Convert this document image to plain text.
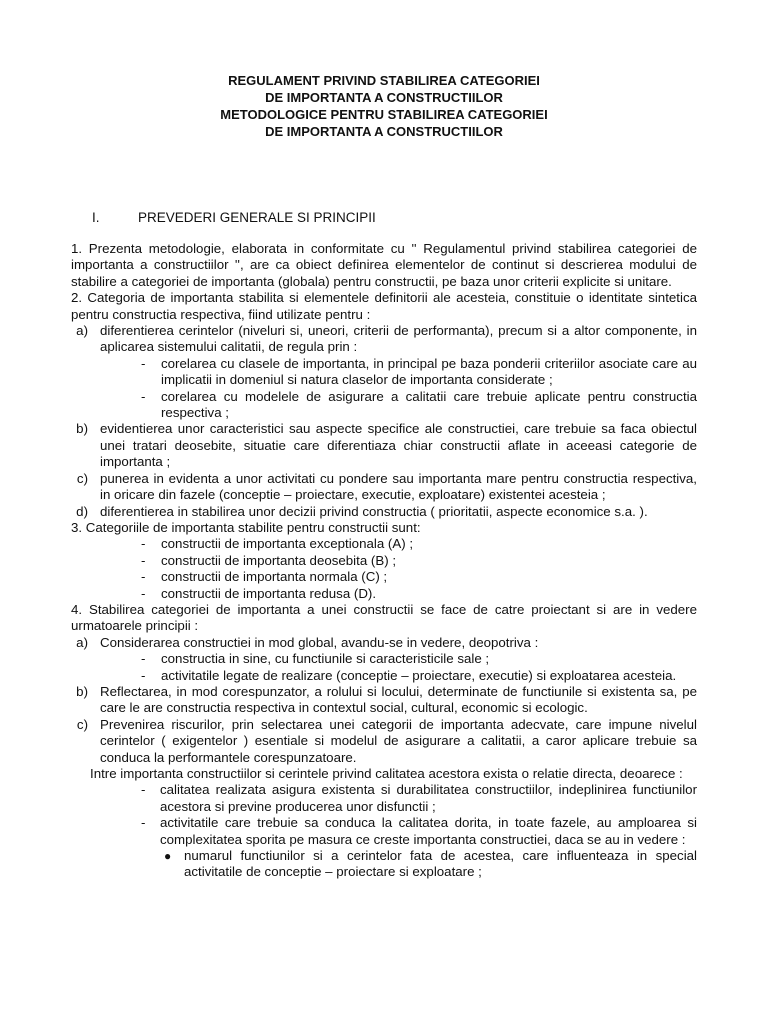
REGULAMENT PRIVIND STABILIREA CATEGORIEI
DE IMPORTANTA A CONSTRUCTIILOR
METODOLOGICE PENTRU STABILIREA CATEGORIEI
DE IMPORTANTA A CONSTRUCTIILOR
I.	PREVEDERI GENERALE SI PRINCIPII
1. Prezenta metodologie, elaborata in conformitate cu '' Regulamentul privind stabilirea categoriei de importanta a constructiilor '', are ca obiect definirea elementelor de continut si descrierea modului de stabilire a categoriei de importanta (globala) pentru constructii, pe baza unor criterii explicite si unitare.
2. Categoria de importanta stabilita si elementele definitorii ale acesteia, constituie o identitate sintetica pentru constructia respectiva, fiind utilizate pentru :
a) diferentierea cerintelor (niveluri si, uneori, criterii de performanta), precum si a altor componente, in aplicarea sistemului calitatii, de regula prin :
- corelarea cu clasele de importanta, in principal pe baza ponderii criteriilor asociate care au implicatii in domeniul si natura claselor de importanta considerate ;
- corelarea cu modelele de asigurare a calitatii care trebuie aplicate pentru constructia respectiva ;
b) evidentierea unor caracteristici sau aspecte specifice ale constructiei, care trebuie sa faca obiectul unei tratari deosebite, situatie care diferentiaza chiar constructii aflate in aceeasi categorie de importanta ;
c) punerea in evidenta a unor activitati cu pondere sau importanta mare pentru constructia respectiva, in oricare din fazele (conceptie – proiectare, executie, exploatare) existentei acesteia ;
d) diferentierea in stabilirea unor decizii privind constructia ( prioritatii, aspecte economice s.a. ).
3. Categoriile de importanta stabilite pentru constructii sunt:
- constructii de importanta exceptionala (A) ;
- constructii de importanta deosebita (B) ;
- constructii de importanta normala (C) ;
- constructii de importanta redusa (D).
4. Stabilirea categoriei de importanta a unei constructii se face de catre proiectant si are in vedere urmatoarele principii :
a) Considerarea constructiei in mod global, avandu-se in vedere, deopotriva :
- constructia in sine, cu functiunile si caracteristicile sale ;
- activitatile legate de realizare (conceptie – proiectare, executie) si exploatarea acesteia.
b) Reflectarea, in mod corespunzator, a rolului si locului, determinate de functiunile si existenta sa, pe care le are constructia respectiva in contextul social, cultural, economic si ecologic.
c) Prevenirea riscurilor, prin selectarea unei categorii de importanta adecvate, care impune nivelul cerintelor ( exigentelor ) esentiale si modelul de asigurare a calitatii, a caror aplicare trebuie sa conduca la performantele corespunzatoare.
Intre importanta constructiilor si cerintele privind calitatea acestora exista o relatie directa, deoarece :
- calitatea realizata asigura existenta si durabilitatea constructiilor, indeplinirea functiunilor acestora si previne producerea unor disfunctii ;
- activitatile care trebuie sa conduca la calitatea dorita, in toate fazele, au amploarea si complexitatea sporita pe masura ce creste importanta constructiei, daca se au in vedere :
● numarul functiunilor si a cerintelor fata de acestea, care influenteaza in special activitatile de conceptie – proiectare si exploatare ;
